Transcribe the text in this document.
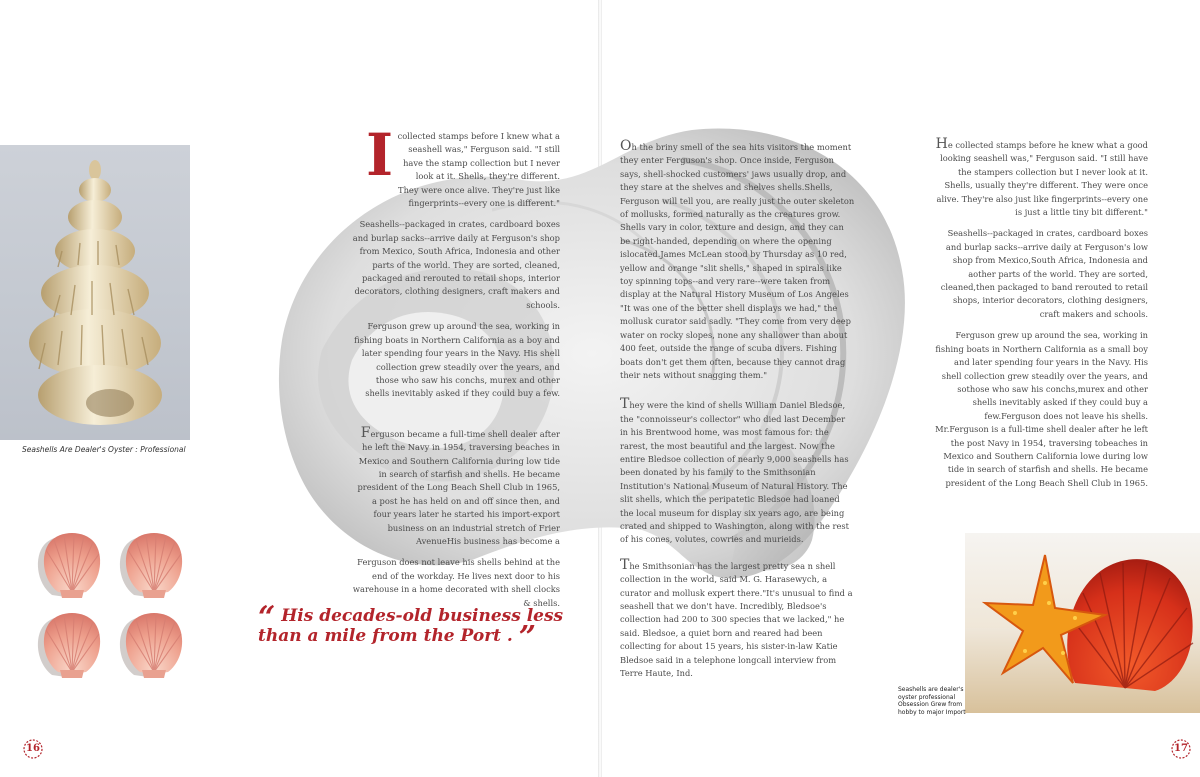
Seashells Are Dealer's Oyster : Professional

I collected stamps before I knew what a seashell was," Ferguson said. "I still have the stamp collection but I never look at it. Shells, they're different. They were once alive. They're just like fingerprints--every one is different."

Seashells--packaged in crates, cardboard boxes and burlap sacks--arrive daily at Ferguson's shop from Mexico, South Africa, Indonesia and other parts of the world. They are sorted, cleaned, packaged and rerouted to retail shops, interior decorators, clothing designers, craft makers and schools.

Ferguson grew up around the sea, working in fishing boats in Northern California as a boy and later spending four years in the Navy. His shell collection grew steadily over the years, and those who saw his conchs, murex and other shells inevitably asked if they could buy a few.

Ferguson became a full-time shell dealer after he left the Navy in 1954, traversing beaches in Mexico and Southern California during low tide in search of starfish and shells. He became president of the Long Beach Shell Club in 1965, a post he has held on and off since then, and four years later he started his import-export business on an industrial stretch of Frier AvenueHis business has become a

Ferguson does not leave his shells behind at the end of the workday. He lives next door to his warehouse in a home decorated with shell clocks & shells.

“ His decades-old business less than a mile from the Port . ”

Oh the briny smell of the sea hits visitors the moment they enter Ferguson's shop. Once inside, Ferguson says, shell-shocked customers' jaws usually drop, and they stare at the shelves and shelves shells.Shells, Ferguson will tell you, are really just the outer skeleton of mollusks, formed naturally as the creatures grow. Shells vary in color, texture and design, and they can be right-handed, depending on where the opening islocated.James McLean stood by Thursday as 10 red, yellow and orange "slit shells," shaped in spirals like toy spinning tops--and very rare--were taken from display at the Natural History Museum of Los Angeles "It was one of the better shell displays we had," the mollusk curator said sadly. "They come from very deep water on rocky slopes, none any shallower than about 400 feet, outside the range of scuba divers. Fishing boats don't get them often, because they cannot drag their nets without snagging them."

They were the kind of shells William Daniel Bledsoe, the "connoisseur's collector" who died last December in his Brentwood home, was most famous for: the rarest, the most beautiful and the largest. Now the entire Bledsoe collection of nearly 9,000 seashells has been donated by his family to the Smithsonian Institution's National Museum of Natural History. The slit shells, which the peripatetic Bledsoe had loaned the local museum for display six years ago, are being crated and shipped to Washington, along with the rest of his cones, volutes, cowries and murieids.

The Smithsonian has the largest pretty sea n shell collection in the world, said M. G. Harasewych, a curator and mollusk expert there."It's unusual to find a seashell that we don't have. Incredibly, Bledsoe's collection had 200 to 300 species that we lacked," he said. Bledsoe, a quiet born and reared had been collecting for about 15 years, his sister-in-law Katie Bledsoe said in a telephone longcall interview from Terre Haute, Ind.

He collected stamps before he knew what a good looking seashell was," Ferguson said. "I still have the stampers collection but I never look at it. Shells, usually they're different. They were once alive. They're also just like fingerprints--every one is just a little tiny bit different."

Seashells--packaged in crates, cardboard boxes and burlap sacks--arrive daily at Ferguson's low shop from Mexico,South Africa, Indonesia and aother parts of the world. They are sorted, cleaned,then packaged to band rerouted to retail shops, interior decorators, clothing designers, craft makers and schools.

Ferguson grew up around the sea, working in fishing boats in Northern California as a small boy and later spending four years in the Navy. His shell collection grew steadily over the years, and sothose who saw his conchs,murex and other shells inevitably asked if they could buy a few.Ferguson does not leave his shells. Mr.Ferguson is a full-time shell dealer after he left the post Navy in 1954, traversing tobeaches in Mexico and Southern California lowe during low tide in search of starfish and shells. He became president of the Long Beach Shell Club in 1965.

Seashells are dealer's oyster professional Obsession Grew from hobby to major Import
16	17
